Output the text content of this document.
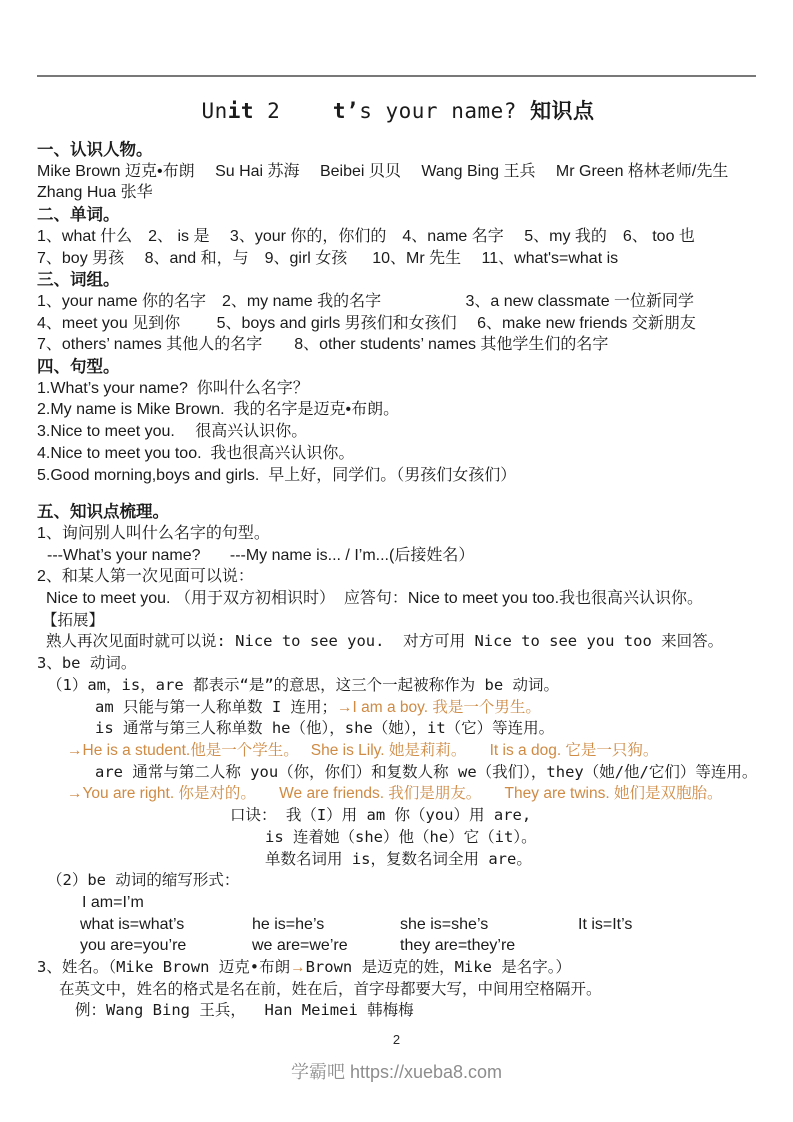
Unit 2    t’s your name? 知识点
一、认识人物。
Mike Brown 迈克•布朗　 Su Hai 苏海　 Beibei 贝贝　 Wang Bing 王兵　 Mr Green 格林老师/先生
Zhang Hua 张华
二、单词。
1、what 什么　2、 is 是 　3、your 你的，你们的　4、name 名字 　5、my 我的　6、 too 也
7、boy 男孩 　8、and 和，与　9、girl 女孩 　 10、Mr 先生 　11、what's=what is
三、词组。
1、your name 你的名字　2、my name 我的名字　　　　　 3、a new classmate 一位新同学
4、meet you 见到你　　 5、boys and girls 男孩们和女孩们　 6、make new friends 交新朋友
7、others’ names 其他人的名字　　8、other students’ names 其他学生们的名字
四、句型。
1.What’s your name?  你叫什么名字？
2.My name is Mike Brown.  我的名字是迈克•布朗。
3.Nice to meet you. 　很高兴认识你。
4.Nice to meet you too.  我也很高兴认识你。
5.Good morning,boys and girls.  早上好，同学们。（男孩们女孩们）
五、知识点梳理。
1、询问别人叫什么名字的句型。
---What’s your name? 　  ---My name is... / I’m...(后接姓名）
2、和某人第一次见面可以说：
Nice to meet you. （用于双方初相识时）  应答句：Nice to meet you too.我也很高兴认识你。
【拓展】
熟人再次见面时就可以说: Nice to see you.  对方可用 Nice to see you too 来回答。
3、be 动词。
（1）am，is，are 都表示“是”的意思，这三个一起被称作为 be 动词。
am 只能与第一人称单数 I 连用；→I am a boy. 我是一个男生。
is 通常与第三人称单数 he（他），she（她），it（它）等连用。
→He is a student.他是一个学生。　 She is Lily. 她是莉莉。　　It is a dog. 它是一只狗。
are 通常与第二人称 you（你，你们）和复数人称 we（我们），they（她/他/它们）等连用。
→You are right. 你是对的。　　We are friends. 我们是朋友。　　They are twins. 她们是双胞胎。
口诀： 我（I）用 am 你（you）用 are,
is 连着她（she）他（he）它（it）。
单数名词用 is，复数名词全用 are。
（2）be 动词的缩写形式：
I am=I’m
what is=what’s	he is=he’s	she is=she’s	It is=It’s
you are=you’re	we are=we’re	they are=they’re
3、姓名。（Mike Brown 迈克•布朗→Brown 是迈克的姓，Mike 是名字。）
在英文中，姓名的格式是名在前，姓在后，首字母都要大写，中间用空格隔开。
例：Wang Bing 王兵，  Han Meimei 韩梅梅
2
学霸吧 https://xueba8.com
